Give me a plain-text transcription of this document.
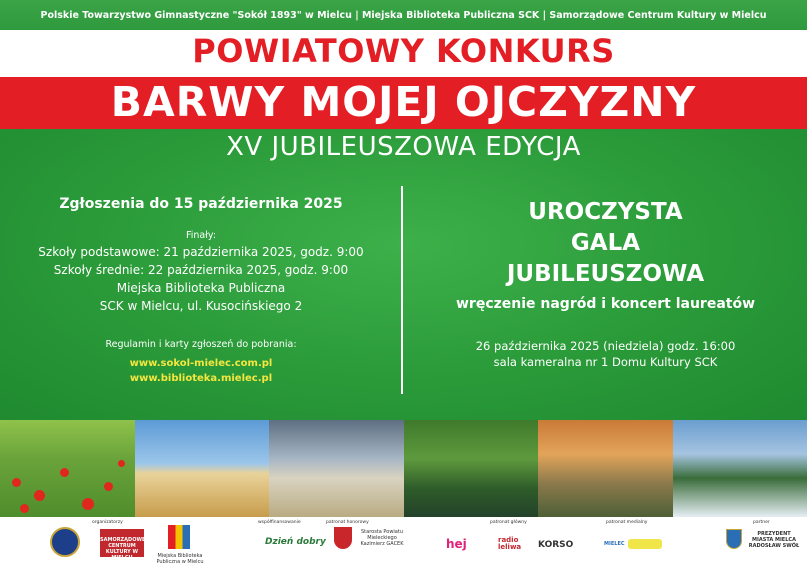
Polskie Towarzystwo Gimnastyczne "Sokół 1893" w Mielcu | Miejska Biblioteka Publiczna SCK | Samorządowe Centrum Kultury w Mielcu
POWIATOWY KONKURS
BARWY MOJEJ OJCZYZNY
XV JUBILEUSZOWA EDYCJA
Zgłoszenia do 15 października 2025
Finały:
Szkoły podstawowe: 21 października 2025, godz. 9:00
Szkoły średnie: 22 października 2025, godz. 9:00
Miejska Biblioteka Publiczna
SCK w Mielcu, ul. Kusocińskiego 2
Regulamin i karty zgłoszeń do pobrania:
www.sokol-mielec.com.pl
www.biblioteka.mielec.pl
UROCZYSTA
GALA
JUBILEUSZOWA
wręczenie nagród i koncert laureatów
26 października 2025 (niedziela) godz. 16:00
sala kameralna nr 1 Domu Kultury SCK
organizatorzy	współfinansowanie	patronat honorowy	patronat główny	patronat medialny	partner
SAMORZĄDOWE CENTRUM KULTURY W MIELCU	Miejska Biblioteka Publiczna w Mielcu
Dzień dobry
Starosta Powiatu Mieleckiego Kazimierz GACEK	hej	radio leliwa	KORSO	MIELEC
PREZYDENT MIASTA MIELCA RADOSŁAW SWÓŁ
